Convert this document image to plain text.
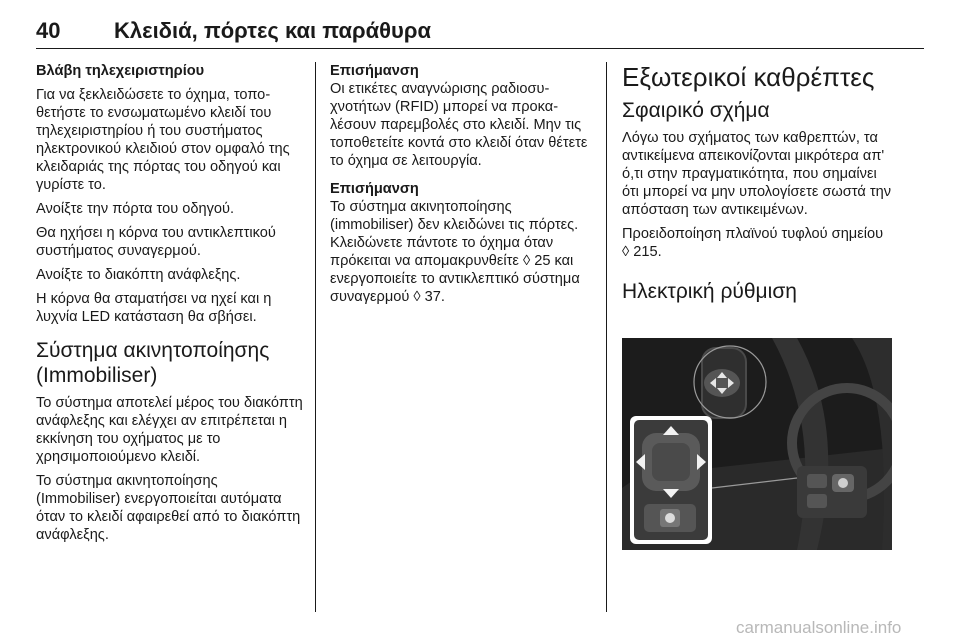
40 Κλειδιά, πόρτες και παράθυρα
Βλάβη τηλεχειριστηρίου

Για να ξεκλειδώσετε το όχημα, τοποθετήστε το ενσωματωμένο κλειδί του τηλεχειριστηρίου ή του συστήματος ηλεκτρονικού κλειδιού στον ομφαλό της κλειδαριάς της πόρτας του οδηγού και γυρίστε το.

Ανοίξτε την πόρτα του οδηγού.

Θα ηχήσει η κόρνα του αντικλεπτικού συστήματος συναγερμού.

Ανοίξτε το διακόπτη ανάφλεξης.

Η κόρνα θα σταματήσει να ηχεί και η λυχνία LED κατάσταση θα σβήσει.

Σύστημα ακινητοποίησης (Immobiliser)

Το σύστημα αποτελεί μέρος του διακόπτη ανάφλεξης και ελέγχει αν επιτρέπεται η εκκίνηση του οχήματος με το χρησιμοποιούμενο κλειδί.

Το σύστημα ακινητοποίησης (Immobiliser) ενεργοποιείται αυτόματα όταν το κλειδί αφαιρεθεί από το διακόπτη ανάφλεξης.

Επισήμανση

Οι ετικέτες αναγνώρισης ραδιοσυχνοτήτων (RFID) μπορεί να προκαλέσουν παρεμβολές στο κλειδί. Μην τις τοποθετείτε κοντά στο κλειδί όταν θέτετε το όχημα σε λειτουργία.

Επισήμανση

Το σύστημα ακινητοποίησης (immobiliser) δεν κλειδώνει τις πόρτες. Κλειδώνετε πάντοτε το όχημα όταν πρόκειται να απομακρυνθείτε ◊ 25 και ενεργοποιείτε το αντικλεπτικό σύστημα συναγερμού ◊ 37.

Εξωτερικοί καθρέπτες
Σφαιρικό σχήμα

Λόγω του σχήματος των καθρεπτών, τα αντικείμενα απεικονίζονται μικρότερα απ' ό,τι στην πραγματικότητα, που σημαίνει ότι μπορεί να μην υπολογίσετε σωστά την απόσταση των αντικειμένων.

Προειδοποίηση πλαϊνού τυφλού σημείου ◊ 215.

Ηλεκτρική ρύθμιση
carmanualsonline.info
